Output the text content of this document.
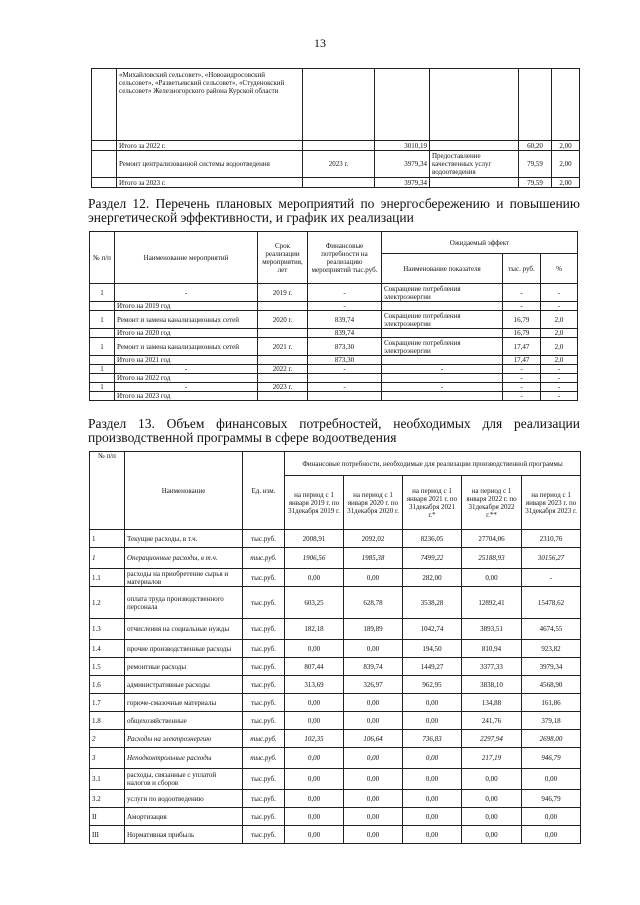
13
	«Михайловский сельсовет», «Новоандросовский сельсовет», «Разветьевский сельсовет», «Студенокский сельсовет» Железногорского района Курской области					
	Итого за 2022 г.		3010,19		60,20	2,00
	Ремонт централизованной системы водоотведения	2023 г.	3979,34	Предоставление качественных услуг водоотведения	79,59	2,00
	Итого за 2023 г.		3979,34		79,59	2,00
Раздел 12. Перечень плановых мероприятий по энергосбережению и повышению энергетической эффективности, и график их реализации
№ п/п	Наименование мероприятий	Срок реализации мероприятия, лет	Финансовые потребности на реализацию мероприятий тыс.руб.	Ожидаемый эффект		
				Наименование показателя	тыс. руб.	%
1	-	2019 г.	-	Сокращение потребления электроэнергии	-	-
	Итого на 2019 год		-		-	-
1	Ремонт и замена канализационных сетей	2020 г.	839,74	Сокращение потребления электроэнергии	16,79	2,0
	Итого на 2020 год		839,74		16,79	2,0
1	Ремонт и замена канализационных сетей	2021 г.	873,30	Сокращение потребления электроэнергии	17,47	2,0
	Итого на 2021 год		873,30		17,47	2,0
1	-	2022 г.	-	-	-	-
	Итого на 2022 год				-	-
1	-	2023 г.	-	-	-	-
	Итого на 2023 год				-	-
Раздел 13. Объем финансовых потребностей, необходимых для реализации производственной программы в сфере водоотведения
№ п/п	Наименование	Ед. изм.	Финансовые потребности, необходимые для реализации производственной программы				
			на период с 1 января 2019 г. по 31декабря 2019 г.	на период с 1 января 2020 г. по 31декабря 2020 г.	на период с 1 января 2021 г. по 31декабря 2021 г.*	на период с 1 января 2022 г. по 31декабря 2022 г.**	на период с 1 января 2023 г. по 31декабря 2023 г.
1	Текущие расходы, в т.ч.	тыс.руб.	2008,91	2092,02	8236,05	27704,06	2310,76
1	Операционные расходы, в т.ч.	тыс.руб.	1906,56	1985,38	7499,22	25188,93	30156,27
1.1	расходы на приобретение сырья и материалов	тыс.руб.	0,00	0,00	282,00	0,00	-
1.2	оплата труда производственного персонала	тыс.руб.	603,25	628,78	3538,28	12892,41	15478,62
1.3	отчисления на социальные нужды	тыс.руб.	182,18	189,89	1042,74	3893,51	4674,55
1.4	прочие производственные расходы	тыс.руб.	0,00	0,00	194,50	810,94	923,82
1.5	ремонтные расходы	тыс.руб.	807,44	839,74	1449,27	3377,33	3979,34
1.6	административные расходы	тыс.руб.	313,69	326,97	962,95	3838,10	4568,90
1.7	горюче-смазочные материалы	тыс.руб.	0,00	0,00	0,00	134,88	161,86
1.8	общехозяйственные	тыс.руб.	0,00	0,00	0,00	241,76	379,18
2	Расходы на электроэнергию	тыс.руб.	102,35	106,64	736,83	2297,94	2698,00
3	Неподконтрольные расходы	тыс.руб.	0,00	0,00	0,00	217,19	946,79
3.1	расходы, связанные с уплатой налогов и сборов	тыс.руб.	0,00	0,00	0,00	0,00	0,00
3.2	услуги по водоотведению	тыс.руб.	0,00	0,00	0,00	0,00	946,79
II	Амортизация	тыс.руб.	0,00	0,00	0,00	0,00	0,00
III	Нормативная прибыль	тыс.руб.	0,00	0,00	0,00	0,00	0,00
